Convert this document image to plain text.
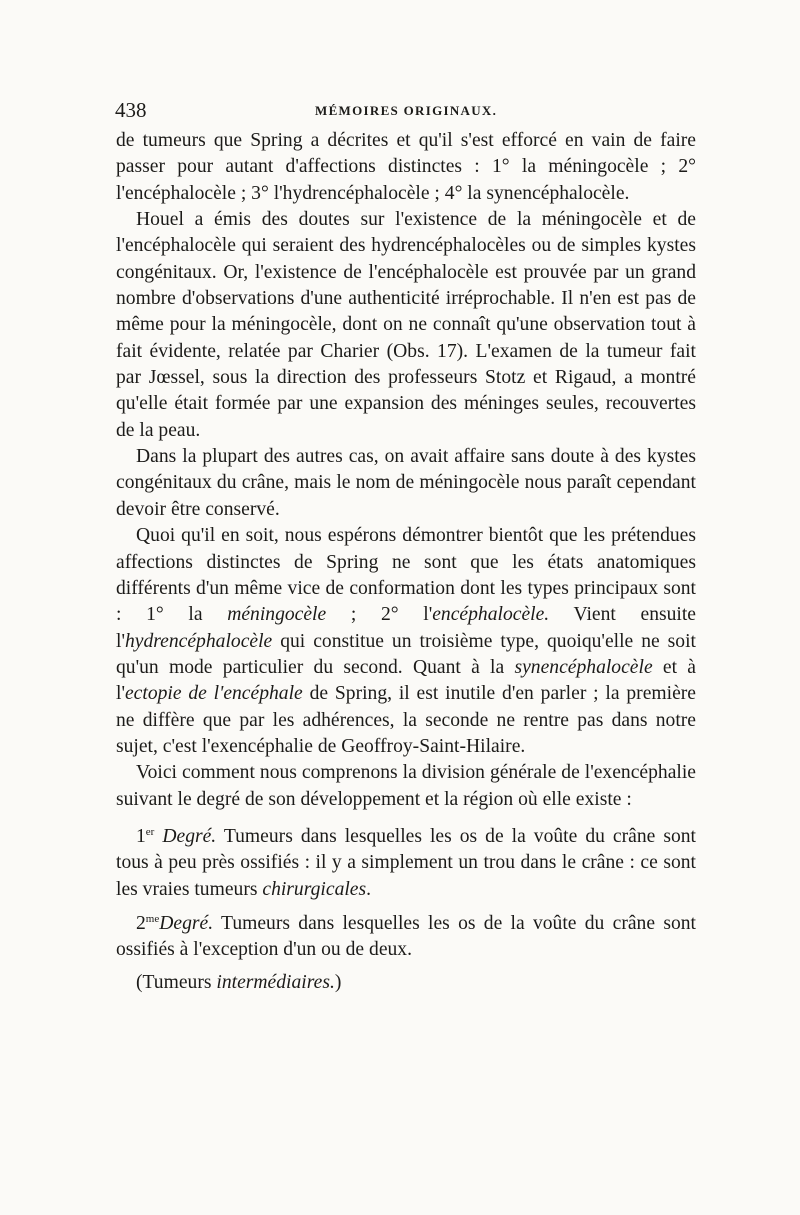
438	MÉMOIRES ORIGINAUX.

de tumeurs que Spring a décrites et qu'il s'est efforcé en vain de faire passer pour autant d'affections distinctes : 1° la méningocèle ; 2° l'encéphalocèle ; 3° l'hydrencéphalocèle ; 4° la synencéphalocèle.

Houel a émis des doutes sur l'existence de la méningocèle et de l'encéphalocèle qui seraient des hydrencéphalocèles ou de simples kystes congénitaux. Or, l'existence de l'encéphalocèle est prouvée par un grand nombre d'observations d'une authenticité irréprochable. Il n'en est pas de même pour la méningocèle, dont on ne connaît qu'une observation tout à fait évidente, relatée par Charier (Obs. 17). L'examen de la tumeur fait par Jœssel, sous la direction des professeurs Stotz et Rigaud, a montré qu'elle était formée par une expansion des méninges seules, recouvertes de la peau.

Dans la plupart des autres cas, on avait affaire sans doute à des kystes congénitaux du crâne, mais le nom de méningocèle nous paraît cependant devoir être conservé.

Quoi qu'il en soit, nous espérons démontrer bientôt que les prétendues affections distinctes de Spring ne sont que les états anatomiques différents d'un même vice de conformation dont les types principaux sont : 1° la méningocèle ; 2° l'encéphalocèle. Vient ensuite l'hydrencéphalocèle qui constitue un troisième type, quoiqu'elle ne soit qu'un mode particulier du second. Quant à la synencéphalocèle et à l'ectopie de l'encéphale de Spring, il est inutile d'en parler ; la première ne diffère que par les adhérences, la seconde ne rentre pas dans notre sujet, c'est l'exencéphalie de Geoffroy-Saint-Hilaire.

Voici comment nous comprenons la division générale de l'exencéphalie suivant le degré de son développement et la région où elle existe :

1er Degré. Tumeurs dans lesquelles les os de la voûte du crâne sont tous à peu près ossifiés : il y a simplement un trou dans le crâne : ce sont les vraies tumeurs chirurgicales.

$2^{me}Degré$. Tumeurs dans lesquelles les os de la voûte du crâne sont ossifiés à l'exception d'un ou de deux.

(Tumeurs intermédiaires.)
